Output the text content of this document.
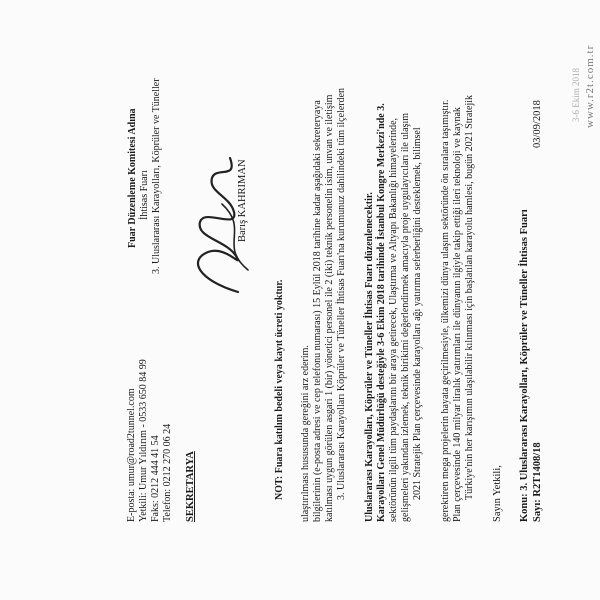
www.r2t.com.tr
3-6 Ekim 2018
Sayı: R2T1408/18
Konu: 3. Uluslararası Karayolları, Köprüler ve Tüneller İhtisas Fuarı
03/09/2018
Sayın Yetkili,
Türkiye'nin her karışımın ulaşılabilir kılınması için başlatılan karayolu hamlesi, bugün 2021 Stratejik
Plan çerçevesinde 140 milyar liralık yatırımları ile dünyanın ilgiyle takip ettiği ileri teknoloji ve kaynak
gerektiren mega projelerin hayata geçirilmesiyle, ülkemizi dünya ulaşım sektöründe ön sıralara taşımıştır.
2021 Stratejik Plan çerçevesinde karayolları ağı yatırıma seferberliğini desteklemek, bilimsel
gelişmeleri yakından izlemek, teknik birikimi değerlendirmek amacıyla proje uygulayıcıları ile ulaşım
sektörünün ilgili tüm paydaşlarını bir araya getirecek, Ulaştırma ve Altyapı Bakanlığı himayelerinde,
Karayolları Genel Müdürlüğü desteğiyle 3-6 Ekim 2018 tarihinde İstanbul Kongre Merkezi'nde 3.
Uluslararası Karayolları, Köprüler ve Tüneller İhtisas Fuarı düzenlenecektir.
3. Uluslararası Karayolları Köprüler ve Tüneller İhtisas Fuarı'na kurumunuz dahilindeki tüm ilçelerden
katılması uygun görülen asgari 1 (bir) yönetici personel ile 2 (iki) teknik personelin isim, unvan ve iletişim
bilgilerinin (e-posta adresi ve cep telefonu numarası) 15 Eylül 2018 tarihine kadar aşağıdaki sekreteryaya
ulaştırılması hususunda gereğini arz ederim.
NOT: Fuara katılım bedeli veya kayıt ücreti yoktur.
Barış KAHRIMAN
3. Uluslararası Karayolları, Köprüler ve Tüneller
İhtisas Fuarı
Fuar Düzenleme Komitesi Adına
SEKRETARYA
Telefon: 0212 270 06 24
Faks: 0212 444 41 54
Yetkili: Umur Yıldırım - 0533 650 84 99
E-posta: umur@road2tunnel.com
